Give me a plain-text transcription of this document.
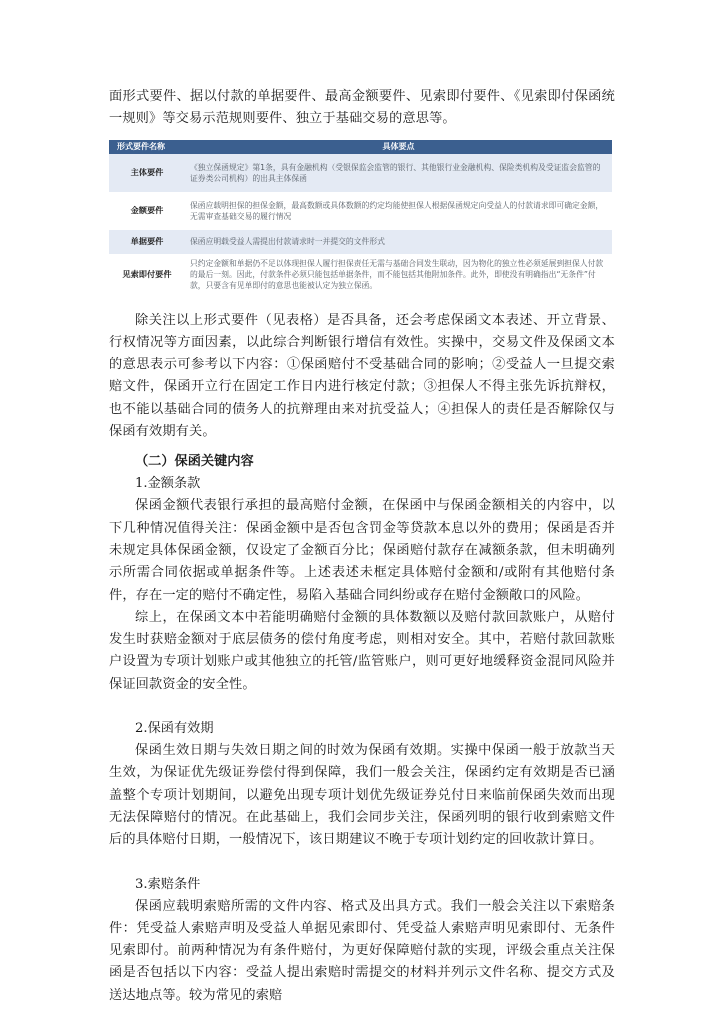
面形式要件、据以付款的单据要件、最高金额要件、见索即付要件、《见索即付保函统一规则》等交易示范规则要件、独立于基础交易的意思等。

形式要件名称	具体要点
主体要件	《独立保函规定》第1条，具有金融机构（受银保监会监管的银行、其他银行业金融机构、保险类机构及受证监会监管的证券类公司机构）的出具主体保函
金额要件	保函应载明担保的担保金额，最高数额或具体数额的约定均能使担保人根据保函规定向受益人的付款请求即可确定金额，无需审查基础交易的履行情况
单据要件	保函应明载受益人需提出付款请求时一并提交的文件形式
见索即付要件	只约定金额和单据仍不足以体现担保人履行担保责任无需与基础合同发生联动，因为物化的独立性必须延展到担保人付款的最后一刻。因此，付款条件必须只能包括单据条件，而不能包括其他附加条件。此外，即使没有明确指出“无条件”付款，只要含有见单即付的意思也能被认定为独立保函。

除关注以上形式要件（见表格）是否具备，还会考虑保函文本表述、开立背景、行权情况等方面因素，以此综合判断银行增信有效性。实操中，交易文件及保函文本的意思表示可参考以下内容：①保函赔付不受基础合同的影响；②受益人一旦提交索赔文件，保函开立行在固定工作日内进行核定付款；③担保人不得主张先诉抗辩权，也不能以基础合同的债务人的抗辩理由来对抗受益人；④担保人的责任是否解除仅与保函有效期有关。

（二）保函关键内容
1.金额条款

保函金额代表银行承担的最高赔付金额，在保函中与保函金额相关的内容中，以下几种情况值得关注：保函金额中是否包含罚金等贷款本息以外的费用；保函是否并未规定具体保函金额，仅设定了金额百分比；保函赔付款存在减额条款，但未明确列示所需合同依据或单据条件等。上述表述未框定具体赔付金额和/或附有其他赔付条件，存在一定的赔付不确定性，易陷入基础合同纠纷或存在赔付金额敞口的风险。

综上，在保函文本中若能明确赔付金额的具体数额以及赔付款回款账户，从赔付发生时获赔金额对于底层债务的偿付角度考虑，则相对安全。其中，若赔付款回款账户设置为专项计划账户或其他独立的托管/监管账户，则可更好地缓释资金混同风险并保证回款资金的安全性。

2.保函有效期

保函生效日期与失效日期之间的时效为保函有效期。实操中保函一般于放款当天生效，为保证优先级证券偿付得到保障，我们一般会关注，保函约定有效期是否已涵盖整个专项计划期间，以避免出现专项计划优先级证券兑付日来临前保函失效而出现无法保障赔付的情况。在此基础上，我们会同步关注，保函列明的银行收到索赔文件后的具体赔付日期，一般情况下，该日期建议不晚于专项计划约定的回收款计算日。

3.索赔条件

保函应载明索赔所需的文件内容、格式及出具方式。我们一般会关注以下索赔条件：凭受益人索赔声明及受益人单据见索即付、凭受益人索赔声明见索即付、无条件见索即付。前两种情况为有条件赔付，为更好保障赔付款的实现，评级会重点关注保函是否包括以下内容：受益人提出索赔时需提交的材料并列示文件名称、提交方式及送达地点等。较为常见的索赔
